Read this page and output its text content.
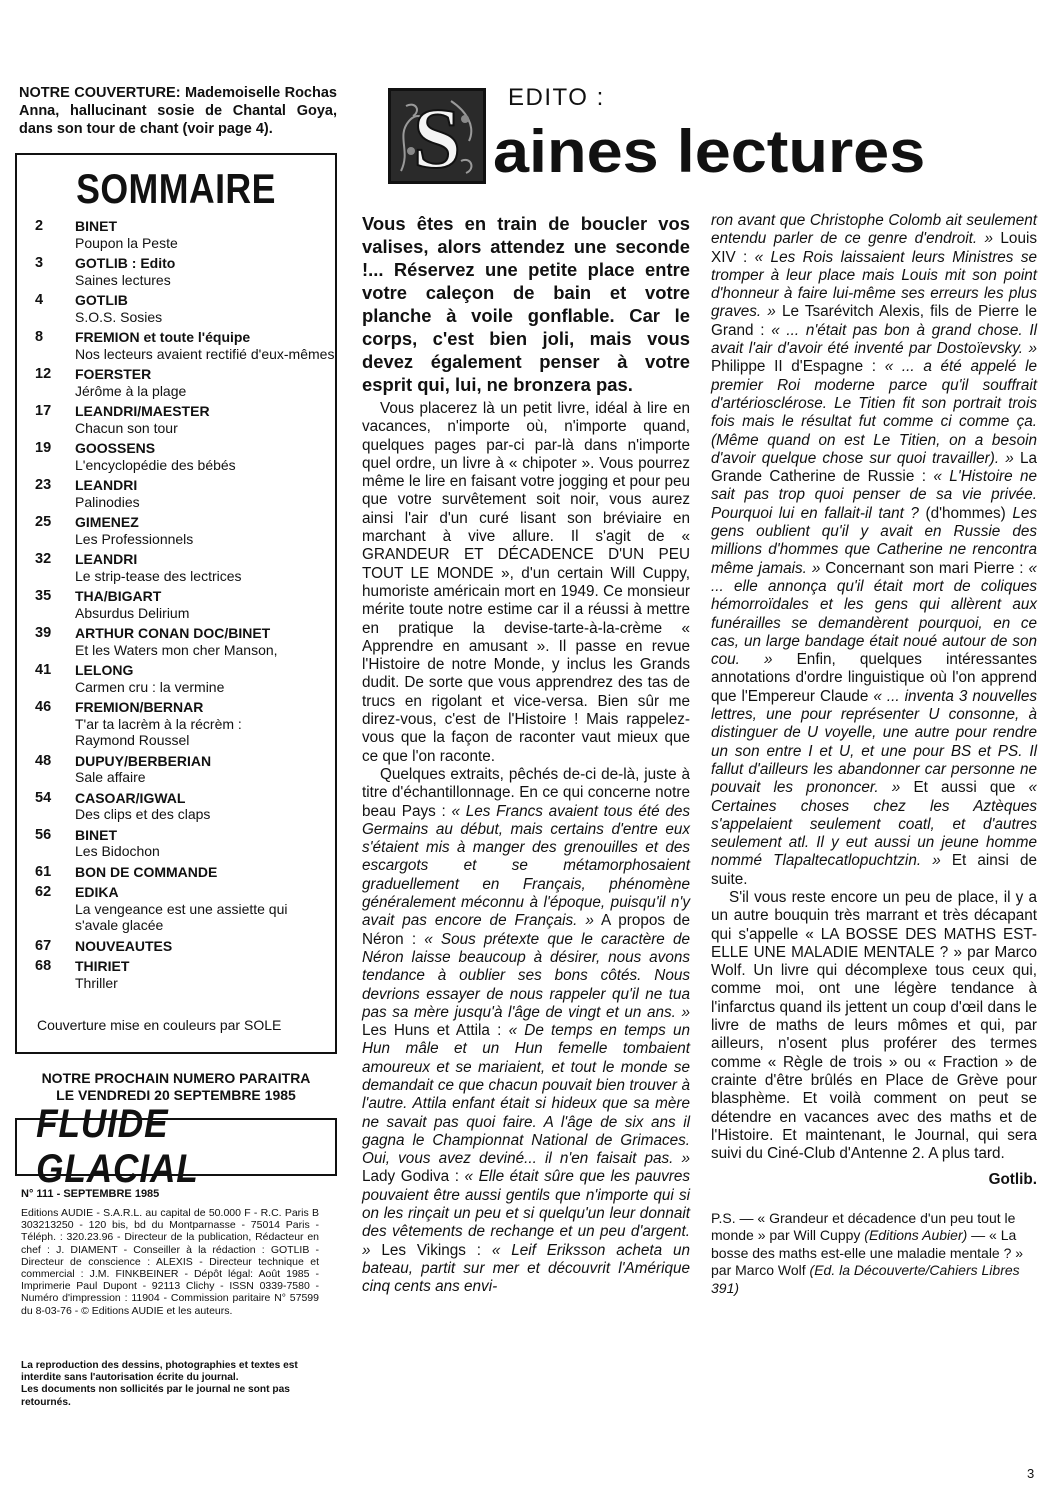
NOTRE COUVERTURE: Mademoiselle Rochas Anna, hallucinant sosie de Chantal Goya, dans son tour de chant (voir page 4).
SOMMAIRE
2	BINET
Poupon la Peste
3	GOTLIB : Edito
Saines lectures
4	GOTLIB
S.O.S. Sosies
8	FREMION et toute l'équipe
Nos lecteurs avaient rectifié d'eux-mêmes
12	FOERSTER
Jérôme à la plage
17	LEANDRI/MAESTER
Chacun son tour
19	GOOSSENS
L'encyclopédie des bébés
23	LEANDRI
Palinodies
25	GIMENEZ
Les Professionnels
32	LEANDRI
Le strip-tease des lectrices
35	THA/BIGART
Absurdus Delirium
39	ARTHUR CONAN DOC/BINET
Et les Waters mon cher Manson,
41	LELONG
Carmen cru : la vermine
46	FREMION/BERNAR
T'ar ta lacrèm à la récrèm : Raymond Roussel
48	DUPUY/BERBERIAN
Sale affaire
54	CASOAR/IGWAL
Des clips et des claps
56	BINET
Les Bidochon
61	BON DE COMMANDE
62	EDIKA
La vengeance est une assiette qui s'avale glacée
67	NOUVEAUTES
68	THIRIET
Thriller
Couverture mise en couleurs par SOLE
NOTRE PROCHAIN NUMERO PARAITRA
LE VENDREDI 20 SEPTEMBRE 1985
FLUIDE GLACIAL
N° 111 - SEPTEMBRE 1985
Editions AUDIE - S.A.R.L. au capital de 50.000 F - R.C. Paris B 303213250 - 120 bis, bd du Montparnasse - 75014 Paris - Téléph. : 320.23.96 - Directeur de la publication, Rédacteur en chef : J. DIAMENT - Conseiller à la rédaction : GOTLIB - Directeur de conscience : ALEXIS - Directeur technique et commercial : J.M. FINKBEINER - Dépôt légal: Août 1985 - Imprimerie Paul Dupont - 92113 Clichy - ISSN 0339-7580 - Numéro d'impression : 11904 - Commission paritaire N° 57599 du 8-03-76 - © Editions AUDIE et les auteurs.
La reproduction des dessins, photographies et textes est interdite sans l'autorisation écrite du journal.
Les documents non sollicités par le journal ne sont pas retournés.
S EDITO :
aines lectures
Vous êtes en train de boucler vos valises, alors attendez une seconde !... Réservez une petite place entre votre caleçon de bain et votre planche à voile gonflable. Car le corps, c'est bien joli, mais vous devez également penser à votre esprit qui, lui, ne bronzera pas.

Vous placerez là un petit livre, idéal à lire en vacances, n'importe où, n'importe quand, quelques pages par-ci par-là dans n'importe quel ordre, un livre à « chipoter ». Vous pourrez même le lire en faisant votre jogging et pour peu que votre survêtement soit noir, vous aurez ainsi l'air d'un curé lisant son bréviaire en marchant à vive allure. Il s'agit de « GRANDEUR ET DÉCADENCE D'UN PEU TOUT LE MONDE », d'un certain Will Cuppy, humoriste américain mort en 1949. Ce monsieur mérite toute notre estime car il a réussi à mettre en pratique la devise-tarte-à-la-crème « Apprendre en amusant ». Il passe en revue l'Histoire de notre Monde, y inclus les Grands dudit. De sorte que vous apprendrez des tas de trucs en rigolant et vice-versa. Bien sûr me direz-vous, c'est de l'Histoire ! Mais rappelez-vous que la façon de raconter vaut mieux que ce que l'on raconte.

Quelques extraits, pêchés de-ci de-là, juste à titre d'échantillonnage. En ce qui concerne notre beau Pays : « Les Francs avaient tous été des Germains au début, mais certains d'entre eux s'étaient mis à manger des grenouilles et des escargots et se métamorphosaient graduellement en Français, phénomène généralement méconnu à l'époque, puisqu'il n'y avait pas encore de Français. » A propos de Néron : « Sous prétexte que le caractère de Néron laisse beaucoup à désirer, nous avons tendance à oublier ses bons côtés. Nous devrions essayer de nous rappeler qu'il ne tua pas sa mère jusqu'à l'âge de vingt et un ans. » Les Huns et Attila : « De temps en temps un Hun mâle et un Hun femelle tombaient amoureux et se mariaient, et tout le monde se demandait ce que chacun pouvait bien trouver à l'autre. Attila enfant était si hideux que sa mère ne savait pas quoi faire. A l'âge de six ans il gagna le Championnat National de Grimaces. Oui, vous avez deviné... il n'en faisait pas. » Lady Godiva : « Elle était sûre que les pauvres pouvaient être aussi gentils que n'importe qui si on les rinçait un peu et si quelqu'un leur donnait des vêtements de rechange et un peu d'argent. » Les Vikings : « Leif Eriksson acheta un bateau, partit sur mer et découvrit l'Amérique cinq cents ans envi-

ron avant que Christophe Colomb ait seulement entendu parler de ce genre d'endroit. » Louis XIV : « Les Rois laissaient leurs Ministres se tromper à leur place mais Louis mit son point d'honneur à faire lui-même ses erreurs les plus graves. » Le Tsarévitch Alexis, fils de Pierre le Grand : « ... n'était pas bon à grand chose. Il avait l'air d'avoir été inventé par Dostoïevsky. » Philippe II d'Espagne : « ... a été appelé le premier Roi moderne parce qu'il souffrait d'artériosclérose. Le Titien fit son portrait trois fois mais le résultat fut comme ci comme ça. (Même quand on est Le Titien, on a besoin d'avoir quelque chose sur quoi travailler). » La Grande Catherine de Russie : « L'Histoire ne sait pas trop quoi penser de sa vie privée. Pourquoi lui en fallait-il tant ? (d'hommes) Les gens oublient qu'il y avait en Russie des millions d'hommes que Catherine ne rencontra même jamais. » Concernant son mari Pierre : « ... elle annonça qu'il était mort de coliques hémorroïdales et les gens qui allèrent aux funérailles se demandèrent pourquoi, en ce cas, un large bandage était noué autour de son cou. » Enfin, quelques intéressantes annotations d'ordre linguistique où l'on apprend que l'Empereur Claude « ... inventa 3 nouvelles lettres, une pour représenter U consonne, à distinguer de U voyelle, une autre pour rendre un son entre I et U, et une pour BS et PS. Il fallut d'ailleurs les abandonner car personne ne pouvait les prononcer. » Et aussi que « Certaines choses chez les Aztèques s'appelaient seulement coatl, et d'autres seulement atl. Il y eut aussi un jeune homme nommé Tlapaltecatlopuchtzin. » Et ainsi de suite.

S'il vous reste encore un peu de place, il y a un autre bouquin très marrant et très décapant qui s'appelle « LA BOSSE DES MATHS EST-ELLE UNE MALADIE MENTALE ? » par Marco Wolf. Un livre qui décomplexe tous ceux qui, comme moi, ont une légère tendance à l'infarctus quand ils jettent un coup d'œil dans le livre de maths de leurs mômes et qui, par ailleurs, n'osent plus proférer des termes comme « Règle de trois » ou « Fraction » de crainte d'être brûlés en Place de Grève pour blasphème. Et voilà comment on peut se détendre en vacances avec des maths et de l'Histoire. Et maintenant, le Journal, qui sera suivi du Ciné-Club d'Antenne 2. A plus tard.

Gotlib.
P.S. — « Grandeur et décadence d'un peu tout le monde » par Will Cuppy (Editions Aubier) — « La bosse des maths est-elle une maladie mentale ? » par Marco Wolf (Ed. la Découverte/Cahiers Libres 391)
3
